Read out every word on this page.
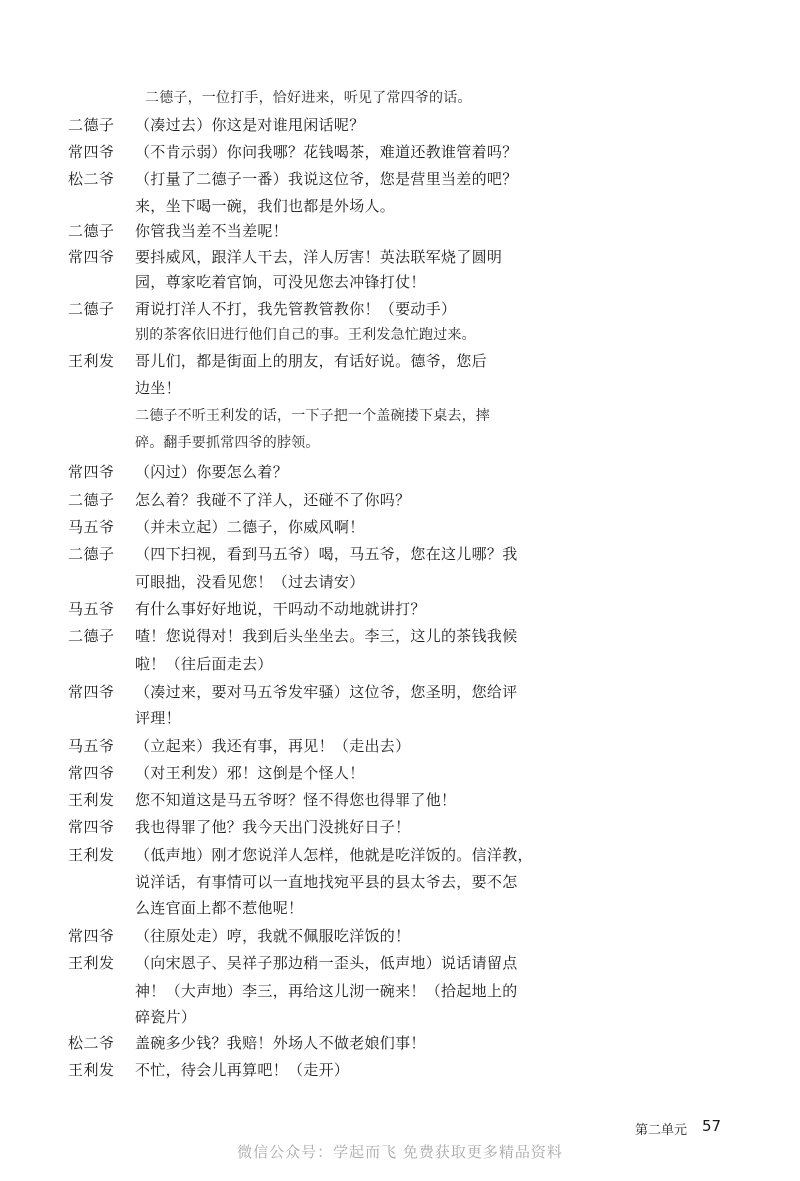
二德子，一位打手，恰好进来，听见了常四爷的话。
二德子 （凑过去）你这是对谁甩闲话呢？
常四爷 （不肯示弱）你问我哪？花钱喝茶，难道还教谁管着吗？
松二爷 （打量了二德子一番）我说这位爷，您是营里当差的吧？
来，坐下喝一碗，我们也都是外场人。
二德子 你管我当差不当差呢！
常四爷 要抖威风，跟洋人干去，洋人厉害！英法联军烧了圆明
园，尊家吃着官饷，可没见您去冲锋打仗！
二德子 甭说打洋人不打，我先管教管教你！（要动手）
别的茶客依旧进行他们自己的事。王利发急忙跑过来。
王利发 哥儿们，都是街面上的朋友，有话好说。德爷，您后
边坐！
二德子不听王利发的话，一下子把一个盖碗搂下桌去，摔
碎。翻手要抓常四爷的脖领。
常四爷 （闪过）你要怎么着？
二德子 怎么着？我碰不了洋人，还碰不了你吗？
马五爷 （并未立起）二德子，你威风啊！
二德子 （四下扫视，看到马五爷）喝，马五爷，您在这儿哪？我
可眼拙，没看见您！（过去请安）
马五爷 有什么事好好地说，干吗动不动地就讲打？
二德子 喳！您说得对！我到后头坐坐去。李三，这儿的茶钱我候
啦！（往后面走去）
常四爷 （凑过来，要对马五爷发牢骚）这位爷，您圣明，您给评
评理！
马五爷 （立起来）我还有事，再见！（走出去）
常四爷 （对王利发）邪！这倒是个怪人！
王利发 您不知道这是马五爷呀？怪不得您也得罪了他！
常四爷 我也得罪了他？我今天出门没挑好日子！
王利发 （低声地）刚才您说洋人怎样，他就是吃洋饭的。信洋教，
说洋话，有事情可以一直地找宛平县的县太爷去，要不怎
么连官面上都不惹他呢！
常四爷 （往原处走）哼，我就不佩服吃洋饭的！
王利发 （向宋恩子、吴祥子那边稍一歪头，低声地）说话请留点
神！（大声地）李三，再给这儿沏一碗来！（拾起地上的
碎瓷片）
松二爷 盖碗多少钱？我赔！外场人不做老娘们事！
王利发 不忙，待会儿再算吧！（走开）
第二单元 57
微信公众号：学起而飞 免费获取更多精品资料
